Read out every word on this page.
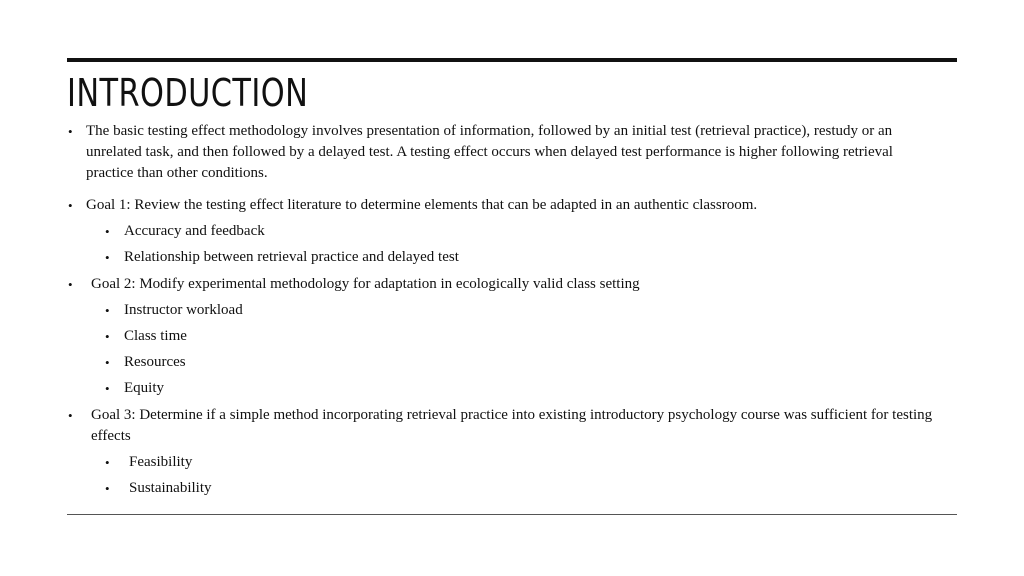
INTRODUCTION
• The basic testing effect methodology involves presentation of information, followed by an initial test (retrieval practice), restudy or an unrelated task, and then followed by a delayed test. A testing effect occurs when delayed test performance is higher following retrieval practice than other conditions.
• Goal 1: Review the testing effect literature to determine elements that can be adapted in an authentic classroom.
• Accuracy and feedback
• Relationship between retrieval practice and delayed test
• Goal 2: Modify experimental methodology for adaptation in ecologically valid class setting
• Instructor workload
• Class time
• Resources
• Equity
• Goal 3: Determine if a simple method incorporating retrieval practice into existing introductory psychology course was sufficient for testing effects
• Feasibility
• Sustainability
